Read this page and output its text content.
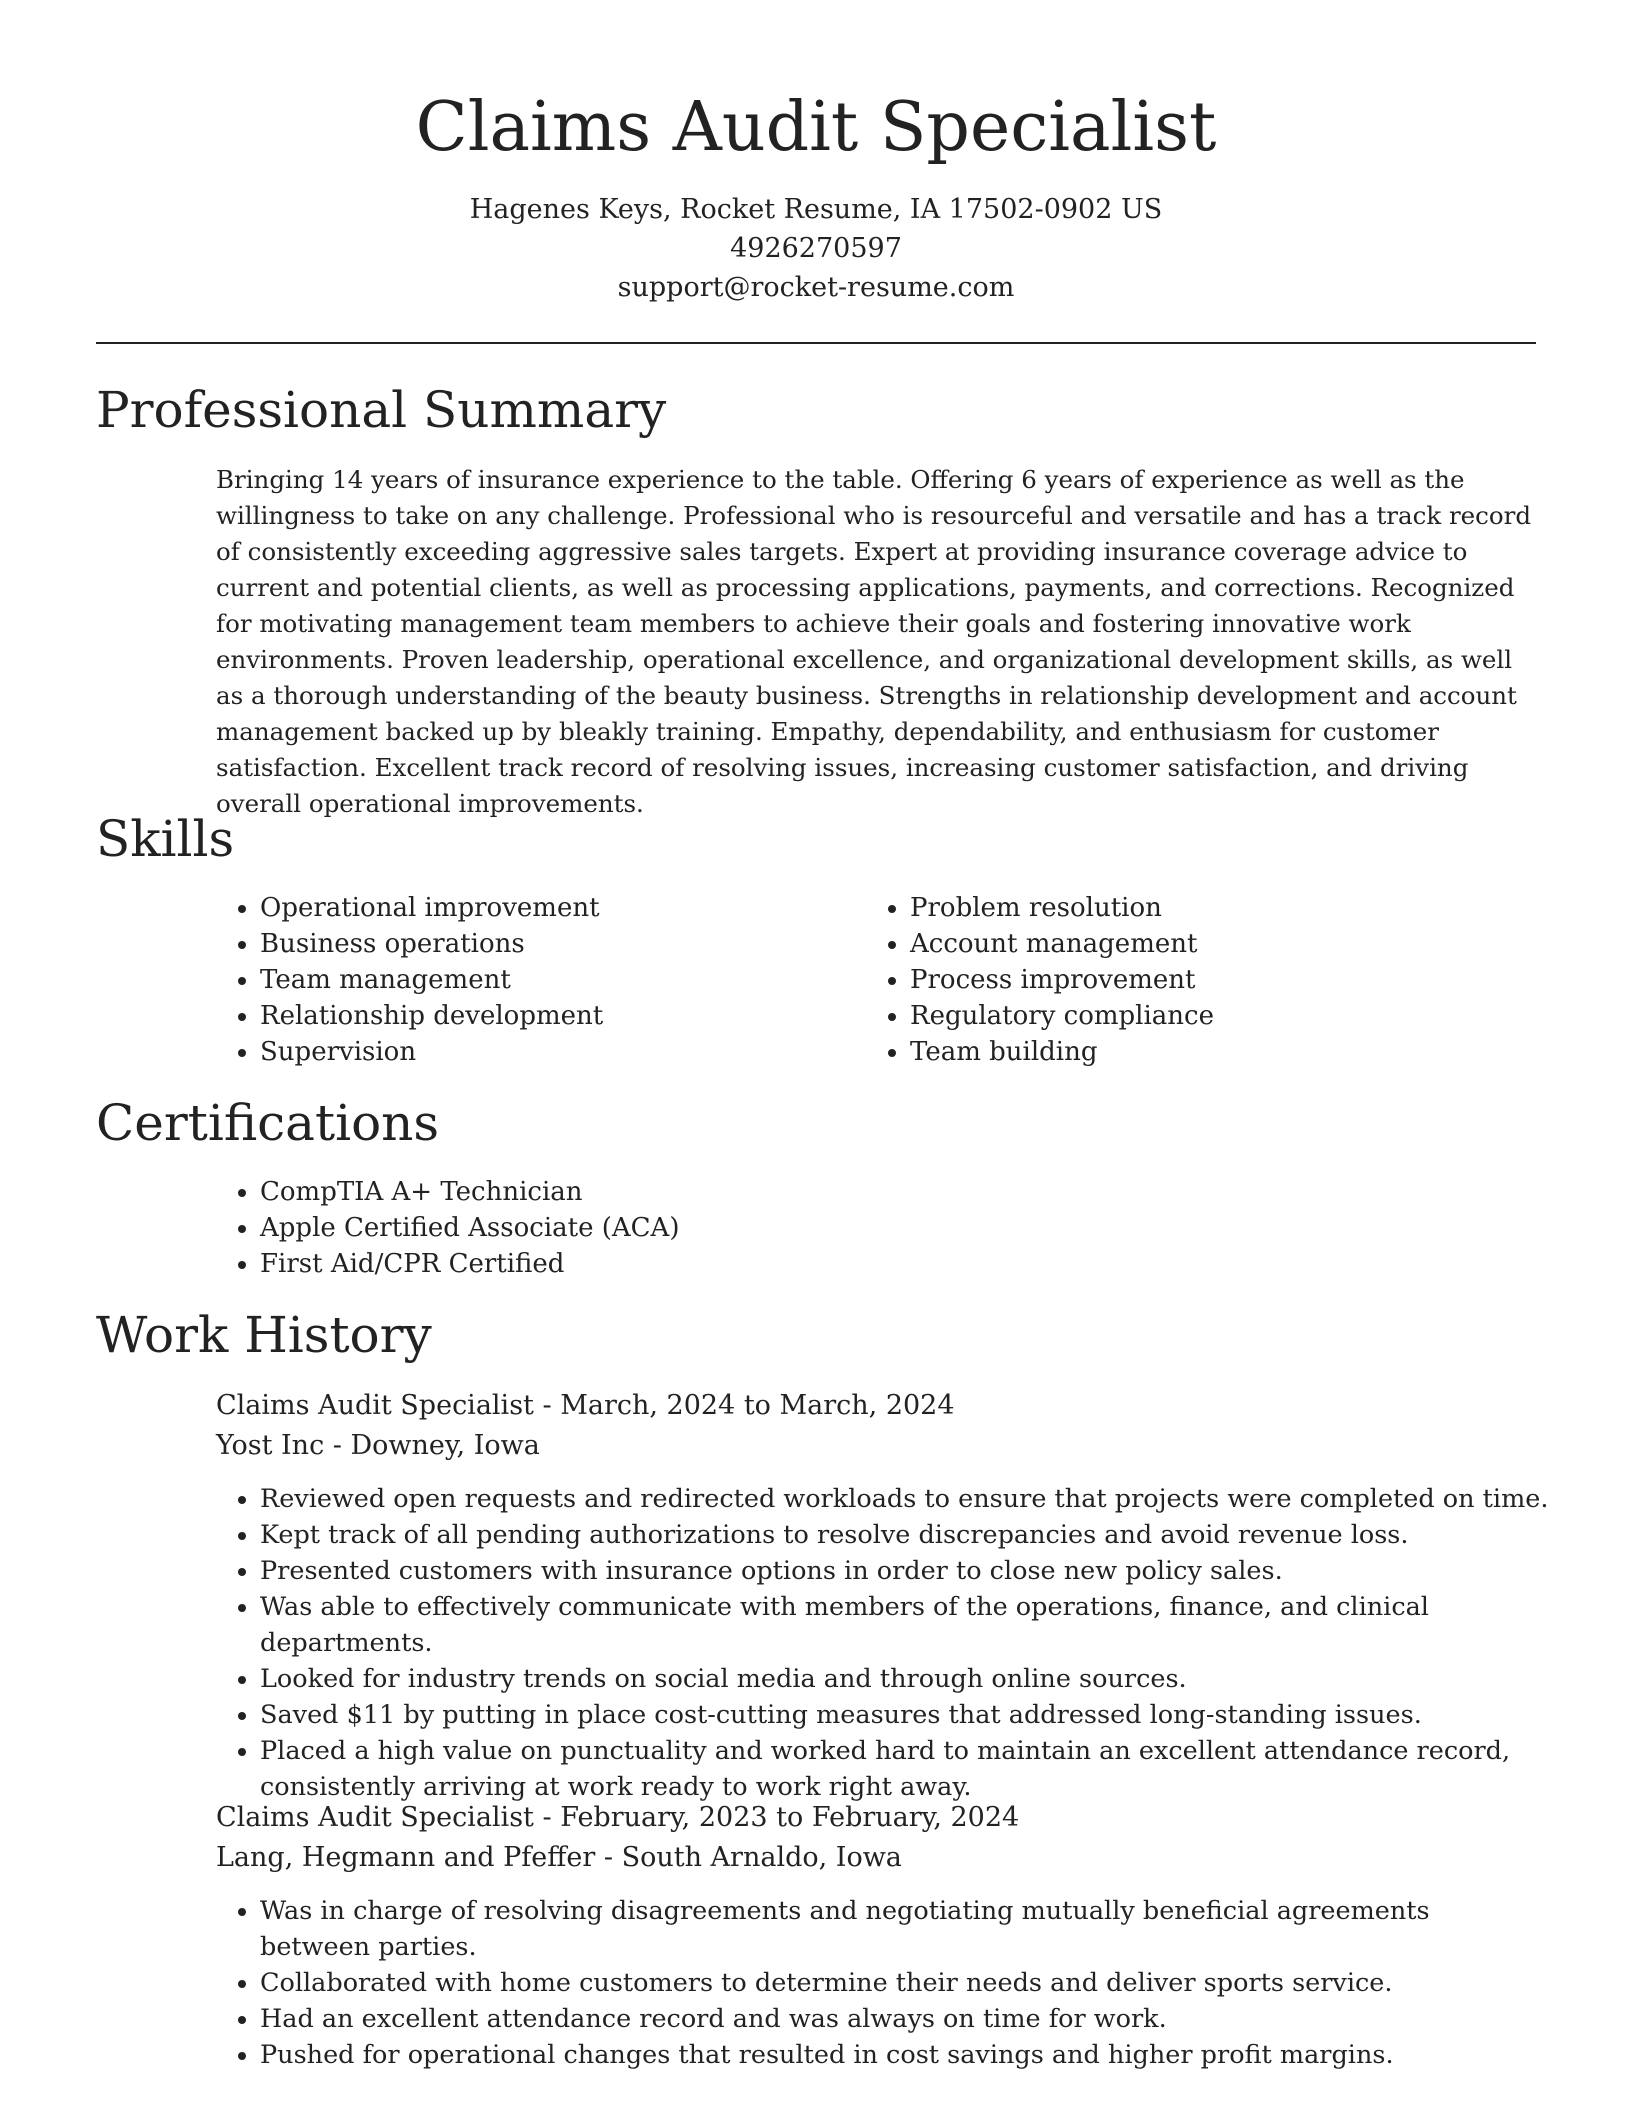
Claims Audit Specialist
Hagenes Keys, Rocket Resume, IA 17502-0902 US
4926270597
support@rocket-resume.com
Professional Summary

Bringing 14 years of insurance experience to the table. Offering 6 years of experience as well as the willingness to take on any challenge. Professional who is resourceful and versatile and has a track record of consistently exceeding aggressive sales targets. Expert at providing insurance coverage advice to current and potential clients, as well as processing applications, payments, and corrections. Recognized for motivating management team members to achieve their goals and fostering innovative work environments. Proven leadership, operational excellence, and organizational development skills, as well as a thorough understanding of the beauty business. Strengths in relationship development and account management backed up by bleakly training. Empathy, dependability, and enthusiasm for customer satisfaction. Excellent track record of resolving issues, increasing customer satisfaction, and driving overall operational improvements.

Skills
• Operational improvement
• Business operations
• Team management
• Relationship development
• Supervision
• Problem resolution
• Account management
• Process improvement
• Regulatory compliance
• Team building
Certifications
• CompTIA A+ Technician
• Apple Certified Associate (ACA)
• First Aid/CPR Certified
Work History
Claims Audit Specialist - March, 2024 to March, 2024
Yost Inc - Downey, Iowa
• Reviewed open requests and redirected workloads to ensure that projects were completed on time.
• Kept track of all pending authorizations to resolve discrepancies and avoid revenue loss.
• Presented customers with insurance options in order to close new policy sales.
• Was able to effectively communicate with members of the operations, finance, and clinical departments.
• Looked for industry trends on social media and through online sources.
• Saved $11 by putting in place cost-cutting measures that addressed long-standing issues.
• Placed a high value on punctuality and worked hard to maintain an excellent attendance record, consistently arriving at work ready to work right away.
Claims Audit Specialist - February, 2023 to February, 2024
Lang, Hegmann and Pfeffer - South Arnaldo, Iowa
• Was in charge of resolving disagreements and negotiating mutually beneficial agreements between parties.
• Collaborated with home customers to determine their needs and deliver sports service.
• Had an excellent attendance record and was always on time for work.
• Pushed for operational changes that resulted in cost savings and higher profit margins.
